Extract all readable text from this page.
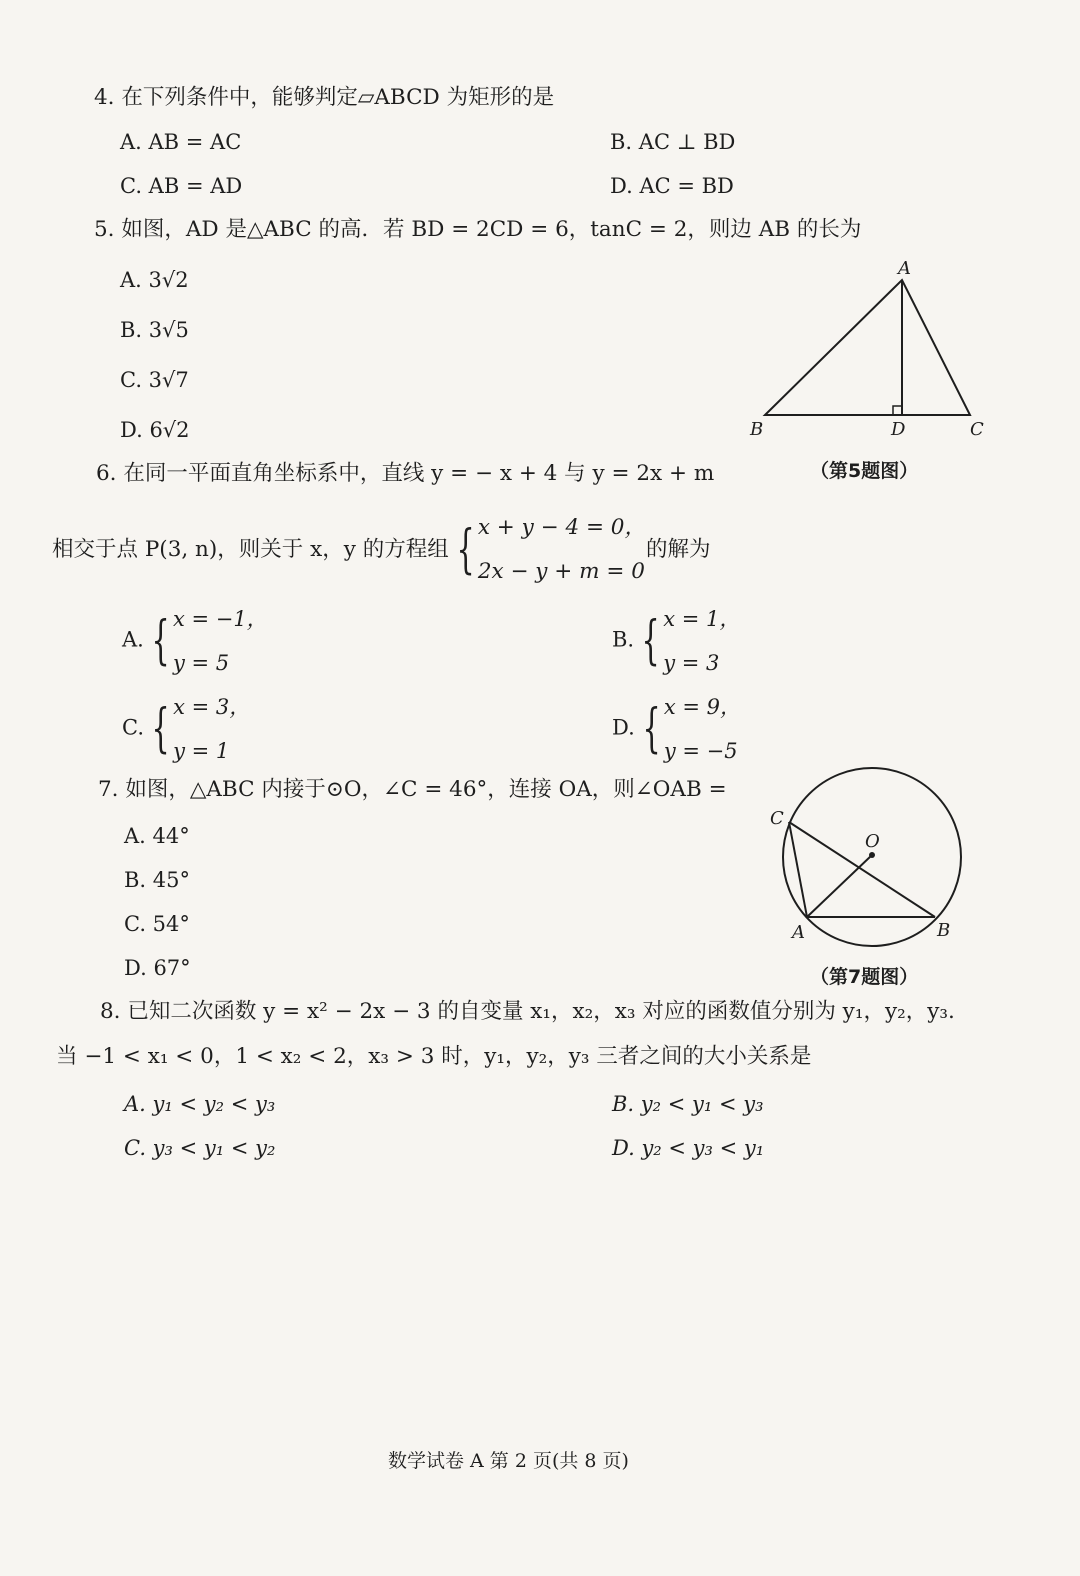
4. 在下列条件中，能够判定▱ABCD 为矩形的是
A. AB = AC	B. AC ⊥ BD
C. AB = AD	D. AC = BD
5. 如图，AD 是△ABC 的高．若 BD = 2CD = 6，tanC = 2，则边 AB 的长为
A. 3√2
B. 3√5
C. 3√7
D. 6√2
A
B	D	C
（第5题图）
6. 在同一平面直角坐标系中，直线 y = − x + 4 与 y = 2x + m
相交于点 P(3, n)，则关于 x，y 的方程组 { x + y − 4 = 0，
2x − y + m = 0
的解为
A. { x = −1，
y = 5
B. { x = 1，
y = 3
C. { x = 3，
y = 1
D. { x = 9，
y = −5
7. 如图，△ABC 内接于⊙O，∠C = 46°，连接 OA，则∠OAB =
A. 44°
B. 45°
C. 54°
D. 67°
C
O
A	B
（第7题图）
8. 已知二次函数 y = x² − 2x − 3 的自变量 x₁，x₂，x₃ 对应的函数值分别为 y₁，y₂，y₃.
当 −1 < x₁ < 0，1 < x₂ < 2，x₃ > 3 时，y₁，y₂，y₃ 三者之间的大小关系是
A. y₁ < y₂ < y₃	B. y₂ < y₁ < y₃
C. y₃ < y₁ < y₂	D. y₂ < y₃ < y₁
数学试卷 A 第 2 页(共 8 页)
